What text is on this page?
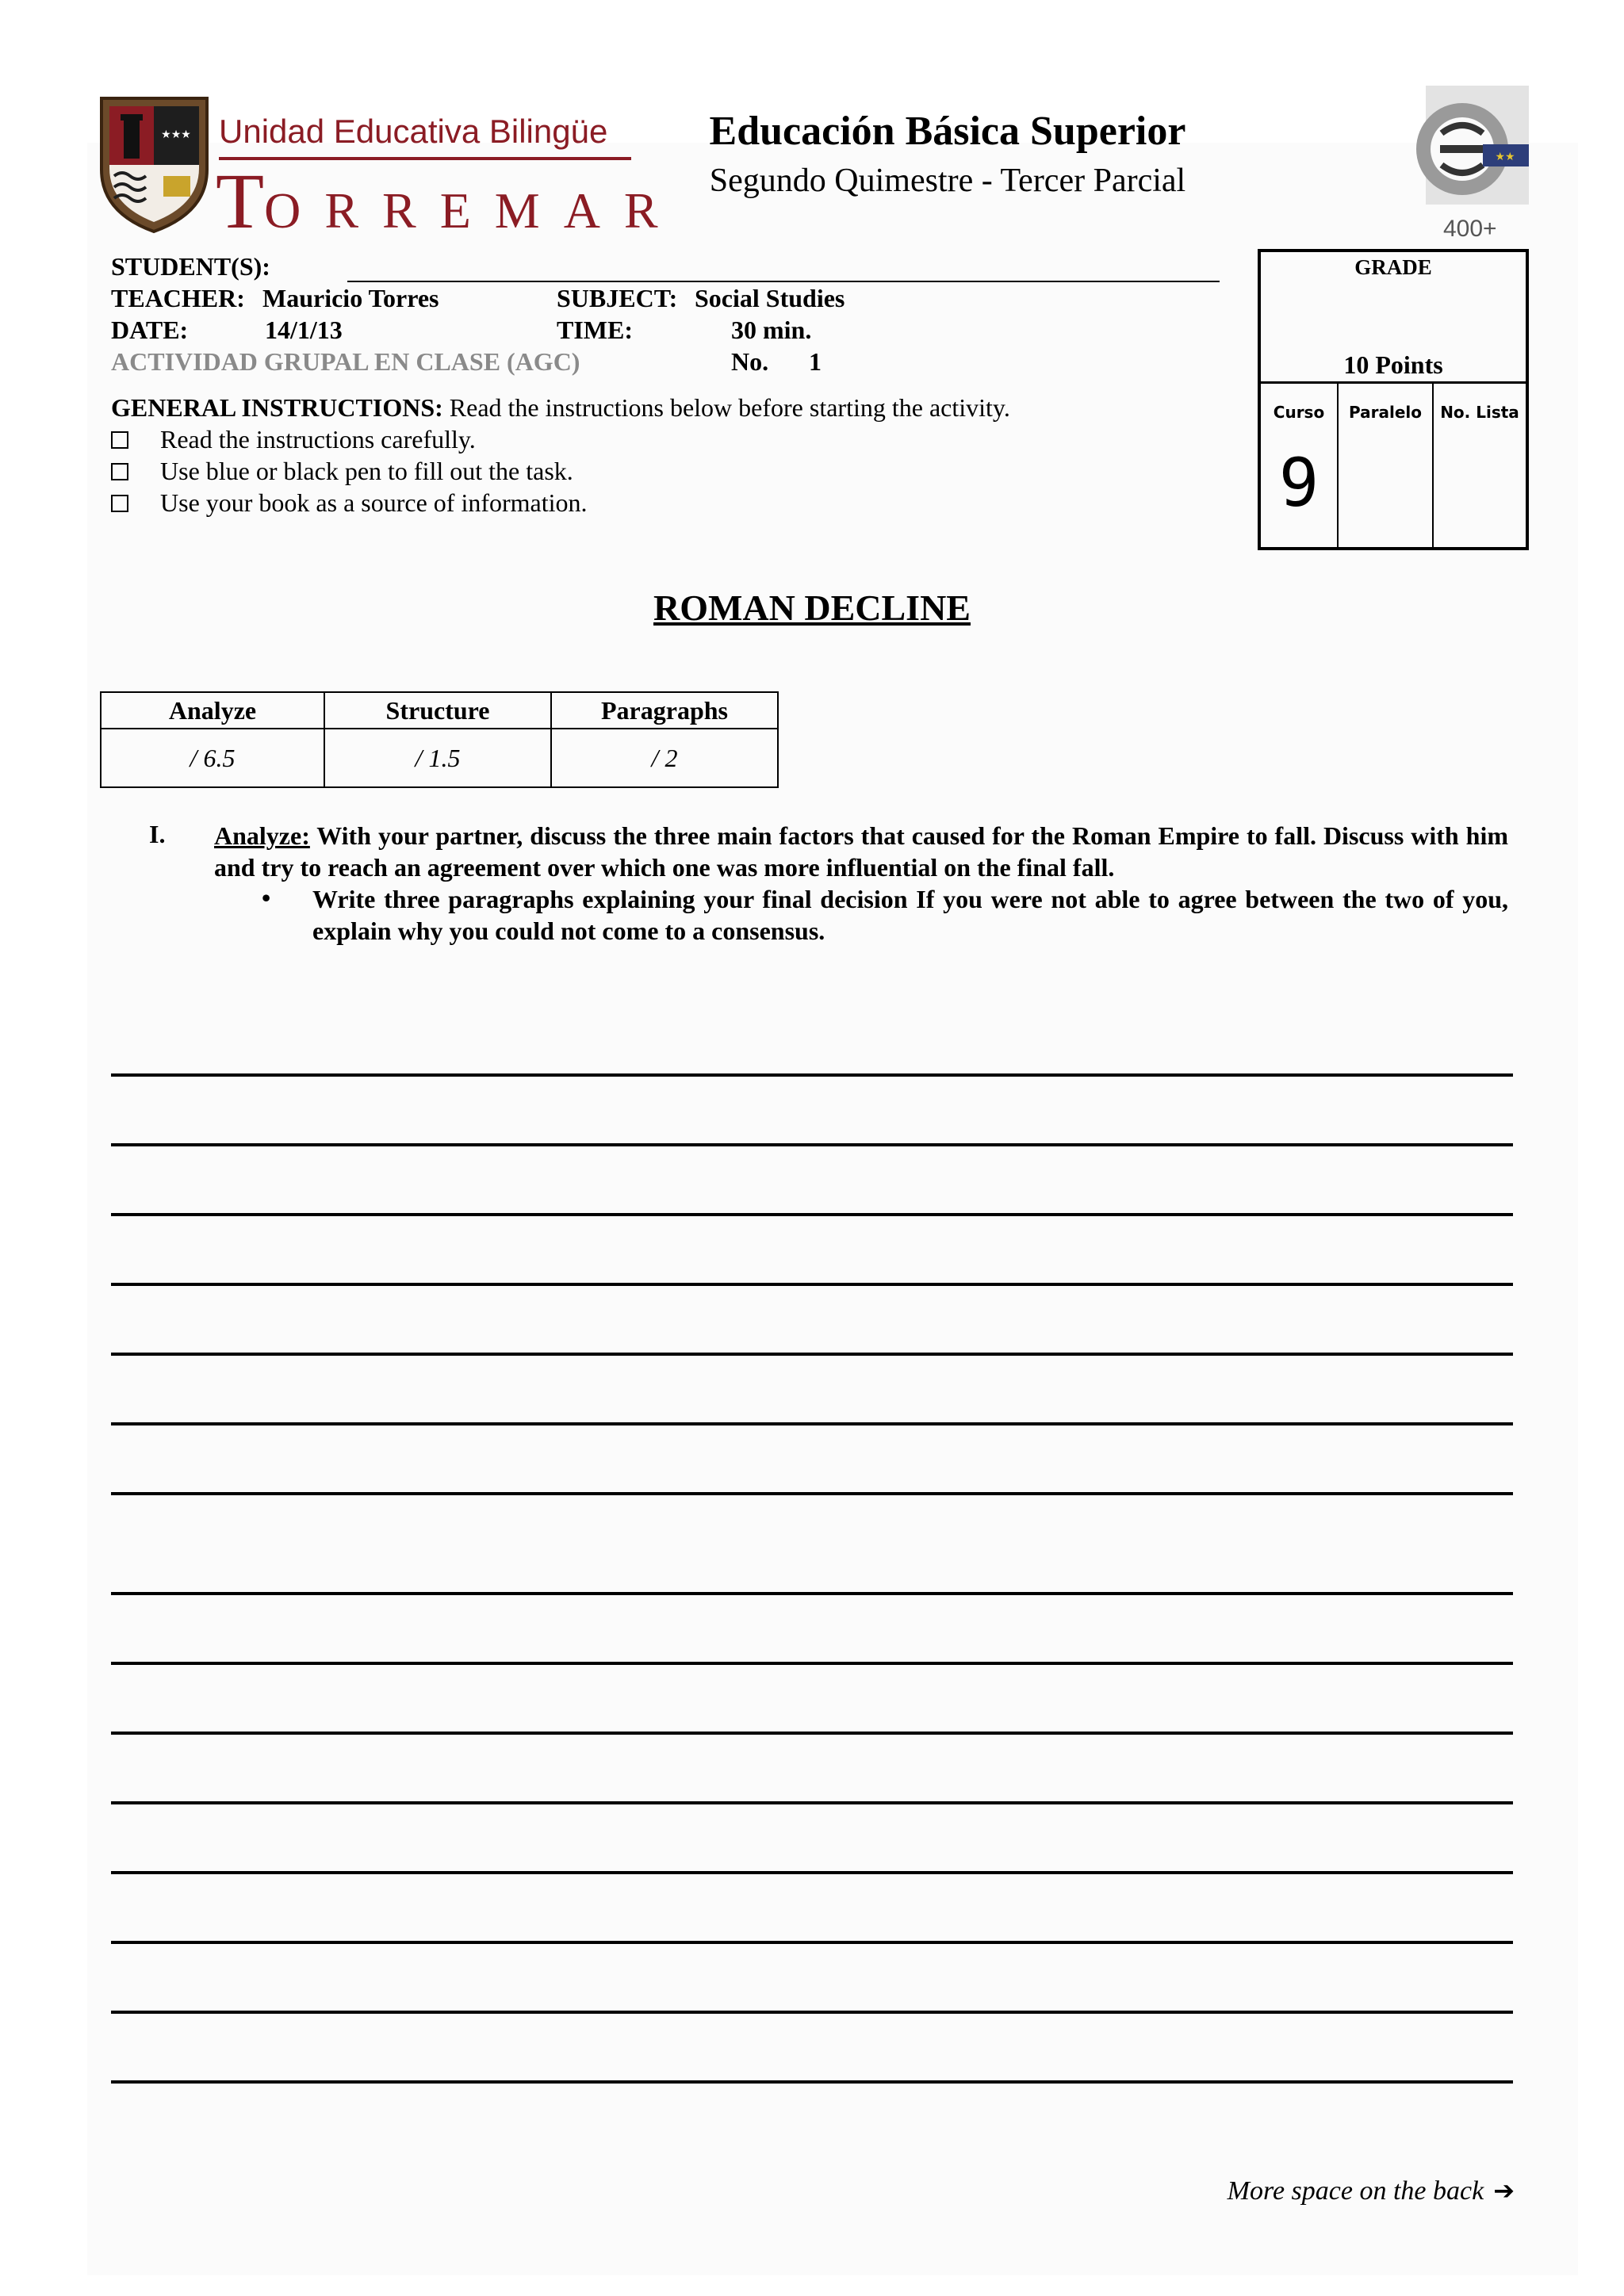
★★★ Unidad Educativa Bilingüe
TORREMAR
Educación Básica Superior
Segundo Quimestre - Tercer Parcial
★★
400+
STUDENT(S):
TEACHER: Mauricio Torres	SUBJECT: Social Studies
DATE:	14/1/13	TIME:	30 min.
ACTIVIDAD GRUPAL EN CLASE (AGC)	No. 1
GENERAL INSTRUCTIONS: Read the instructions below before starting the activity.
Read the instructions carefully.
Use blue or black pen to fill out the task.
Use your book as a source of information.
GRADE
10 Points
Curso	Paralelo	No. Lista
9
ROMAN DECLINE
Analyze	Structure	Paragraphs
/ 6.5	/ 1.5	/ 2
I. Analyze: With your partner, discuss the three main factors that caused for the Roman Empire to fall. Discuss with him and try to reach an agreement over which one was more influential on the final fall.
• Write three paragraphs explaining your final decision If you were not able to agree between the two of you, explain why you could not come to a consensus.
More space on the back ➔
